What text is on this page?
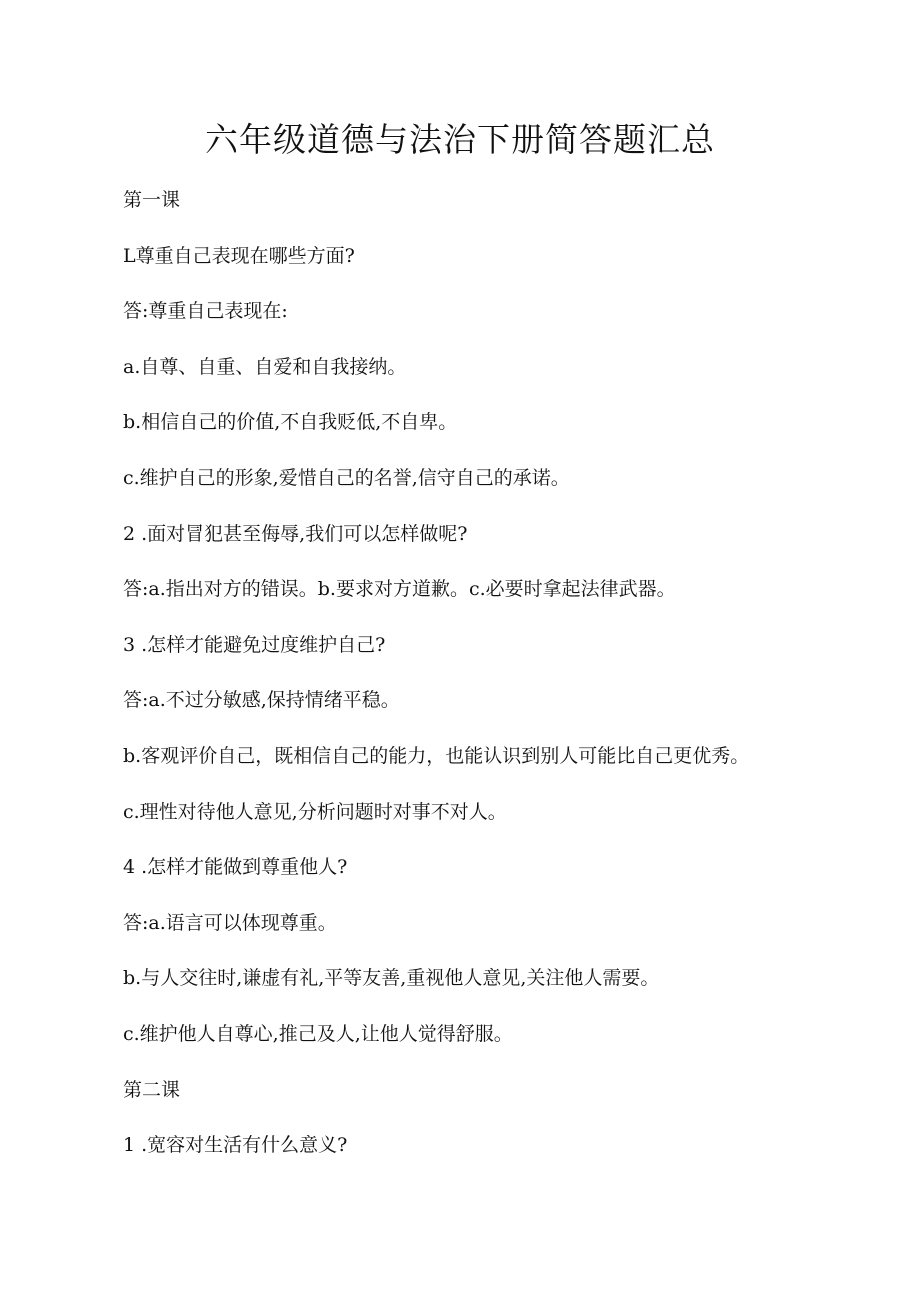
六年级道德与法治下册简答题汇总
第一课
L尊重自己表现在哪些方面?
答:尊重自己表现在:
a.自尊、自重、自爱和自我接纳。
b.相信自己的价值,不自我贬低,不自卑。
c.维护自己的形象,爱惜自己的名誉,信守自己的承诺。
2 .面对冒犯甚至侮辱,我们可以怎样做呢?
答:a.指出对方的错误。b.要求对方道歉。c.必要时拿起法律武器。
3 .怎样才能避免过度维护自己?
答:a.不过分敏感,保持情绪平稳。
b.客观评价自己，既相信自己的能力，也能认识到别人可能比自己更优秀。
c.理性对待他人意见,分析问题时对事不对人。
4 .怎样才能做到尊重他人?
答:a.语言可以体现尊重。
b.与人交往时,谦虚有礼,平等友善,重视他人意见,关注他人需要。
c.维护他人自尊心,推己及人,让他人觉得舒服。
第二课
1 .宽容对生活有什么意义?
